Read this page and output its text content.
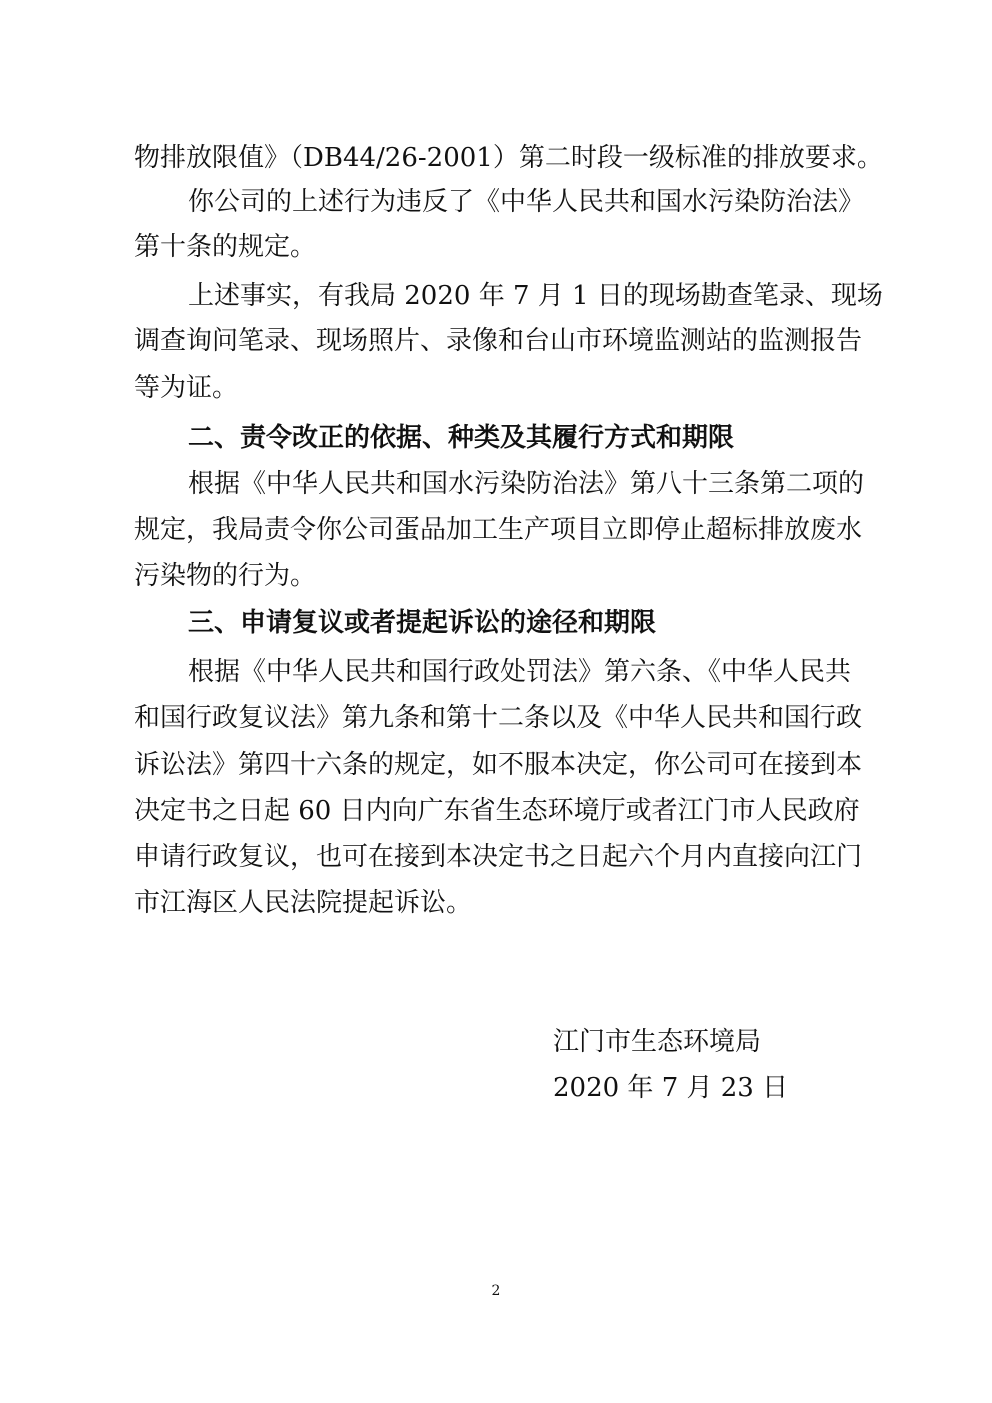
物排放限值》（DB44/26-2001）第二时段一级标准的排放要求。
你公司的上述行为违反了《中华人民共和国水污染防治法》
第十条的规定。
上述事实，有我局 2020 年 7 月 1 日的现场勘查笔录、现场
调查询问笔录、现场照片、录像和台山市环境监测站的监测报告
等为证。
二、责令改正的依据、种类及其履行方式和期限
根据《中华人民共和国水污染防治法》第八十三条第二项的
规定，我局责令你公司蛋品加工生产项目立即停止超标排放废水
污染物的行为。
三、申请复议或者提起诉讼的途径和期限
根据《中华人民共和国行政处罚法》第六条、《中华人民共
和国行政复议法》第九条和第十二条以及《中华人民共和国行政
诉讼法》第四十六条的规定，如不服本决定，你公司可在接到本
决定书之日起 60 日内向广东省生态环境厅或者江门市人民政府
申请行政复议，也可在接到本决定书之日起六个月内直接向江门
市江海区人民法院提起诉讼。
江门市生态环境局
2020 年 7 月 23 日
2
